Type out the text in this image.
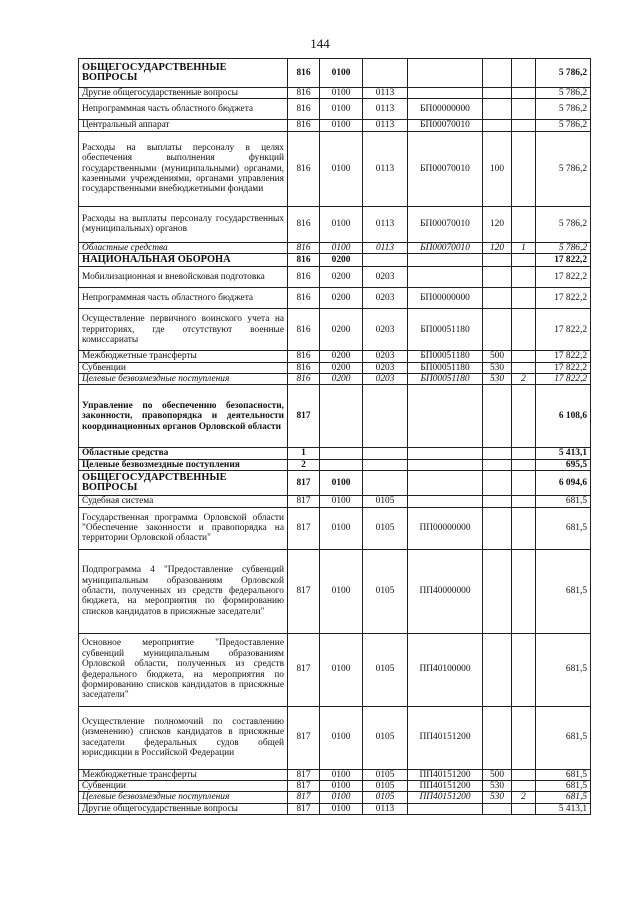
144
ОБЩЕГОСУДАРСТВЕННЫЕ ВОПРОСЫ	816	0100					5 786,2
Другие общегосударственные вопросы	816	0100	0113				5 786,2
Непрограммная часть областного бюджета	816	0100	0113	БП00000000			5 786,2
Центральный аппарат	816	0100	0113	БП00070010			5 786,2
Расходы на выплаты персоналу в целях обеспечения выполнения функций государственными (муниципальными) органами, казенными учреждениями, органами управления государственными внебюджетными фондами	816	0100	0113	БП00070010	100		5 786,2
Расходы на выплаты персоналу государственных (муниципальных) органов	816	0100	0113	БП00070010	120		5 786,2
Областные средства	816	0100	0113	БП00070010	120	1	5 786,2
НАЦИОНАЛЬНАЯ ОБОРОНА	816	0200					17 822,2
Мобилизационная и вневойсковая подготовка	816	0200	0203				17 822,2
Непрограммная часть областного бюджета	816	0200	0203	БП00000000			17 822,2
Осуществление первичного воинского учета на территориях, где отсутствуют военные комиссариаты	816	0200	0203	БП00051180			17 822,2
Межбюджетные трансферты	816	0200	0203	БП00051180	500		17 822,2
Субвенции	816	0200	0203	БП00051180	530		17 822,2
Целевые безвозмездные поступления	816	0200	0203	БП00051180	530	2	17 822,2
Управление по обеспечению безопасности, законности, правопорядка и деятельности координационных органов Орловской области	817						6 108,6
Областные средства	1						5 413,1
Целевые безвозмездные поступления	2						695,5
ОБЩЕГОСУДАРСТВЕННЫЕ ВОПРОСЫ	817	0100					6 094,6
Судебная система	817	0100	0105				681,5
Государственная программа Орловской области "Обеспечение законности и правопорядка на территории Орловской области"	817	0100	0105	ПП00000000			681,5
Подпрограмма 4 "Предоставление субвенций муниципальным образованиям Орловской области, полученных из средств федерального бюджета, на мероприятия по формированию списков кандидатов в присяжные заседатели"	817	0100	0105	ПП40000000			681,5
Основное мероприятие "Предоставление субвенций муниципальным образованиям Орловской области, полученных из средств федерального бюджета, на мероприятия по формированию списков кандидатов в присяжные заседатели"	817	0100	0105	ПП40100000			681,5
Осуществление полномочий по составлению (изменению) списков кандидатов в присяжные заседатели федеральных судов общей юрисдикции в Российской Федерации	817	0100	0105	ПП40151200			681,5
Межбюджетные трансферты	817	0100	0105	ПП40151200	500		681,5
Субвенции	817	0100	0105	ПП40151200	530		681,5
Целевые безвозмездные поступления	817	0100	0105	ПП40151200	530	2	681,5
Другие общегосударственные вопросы	817	0100	0113				5 413,1
